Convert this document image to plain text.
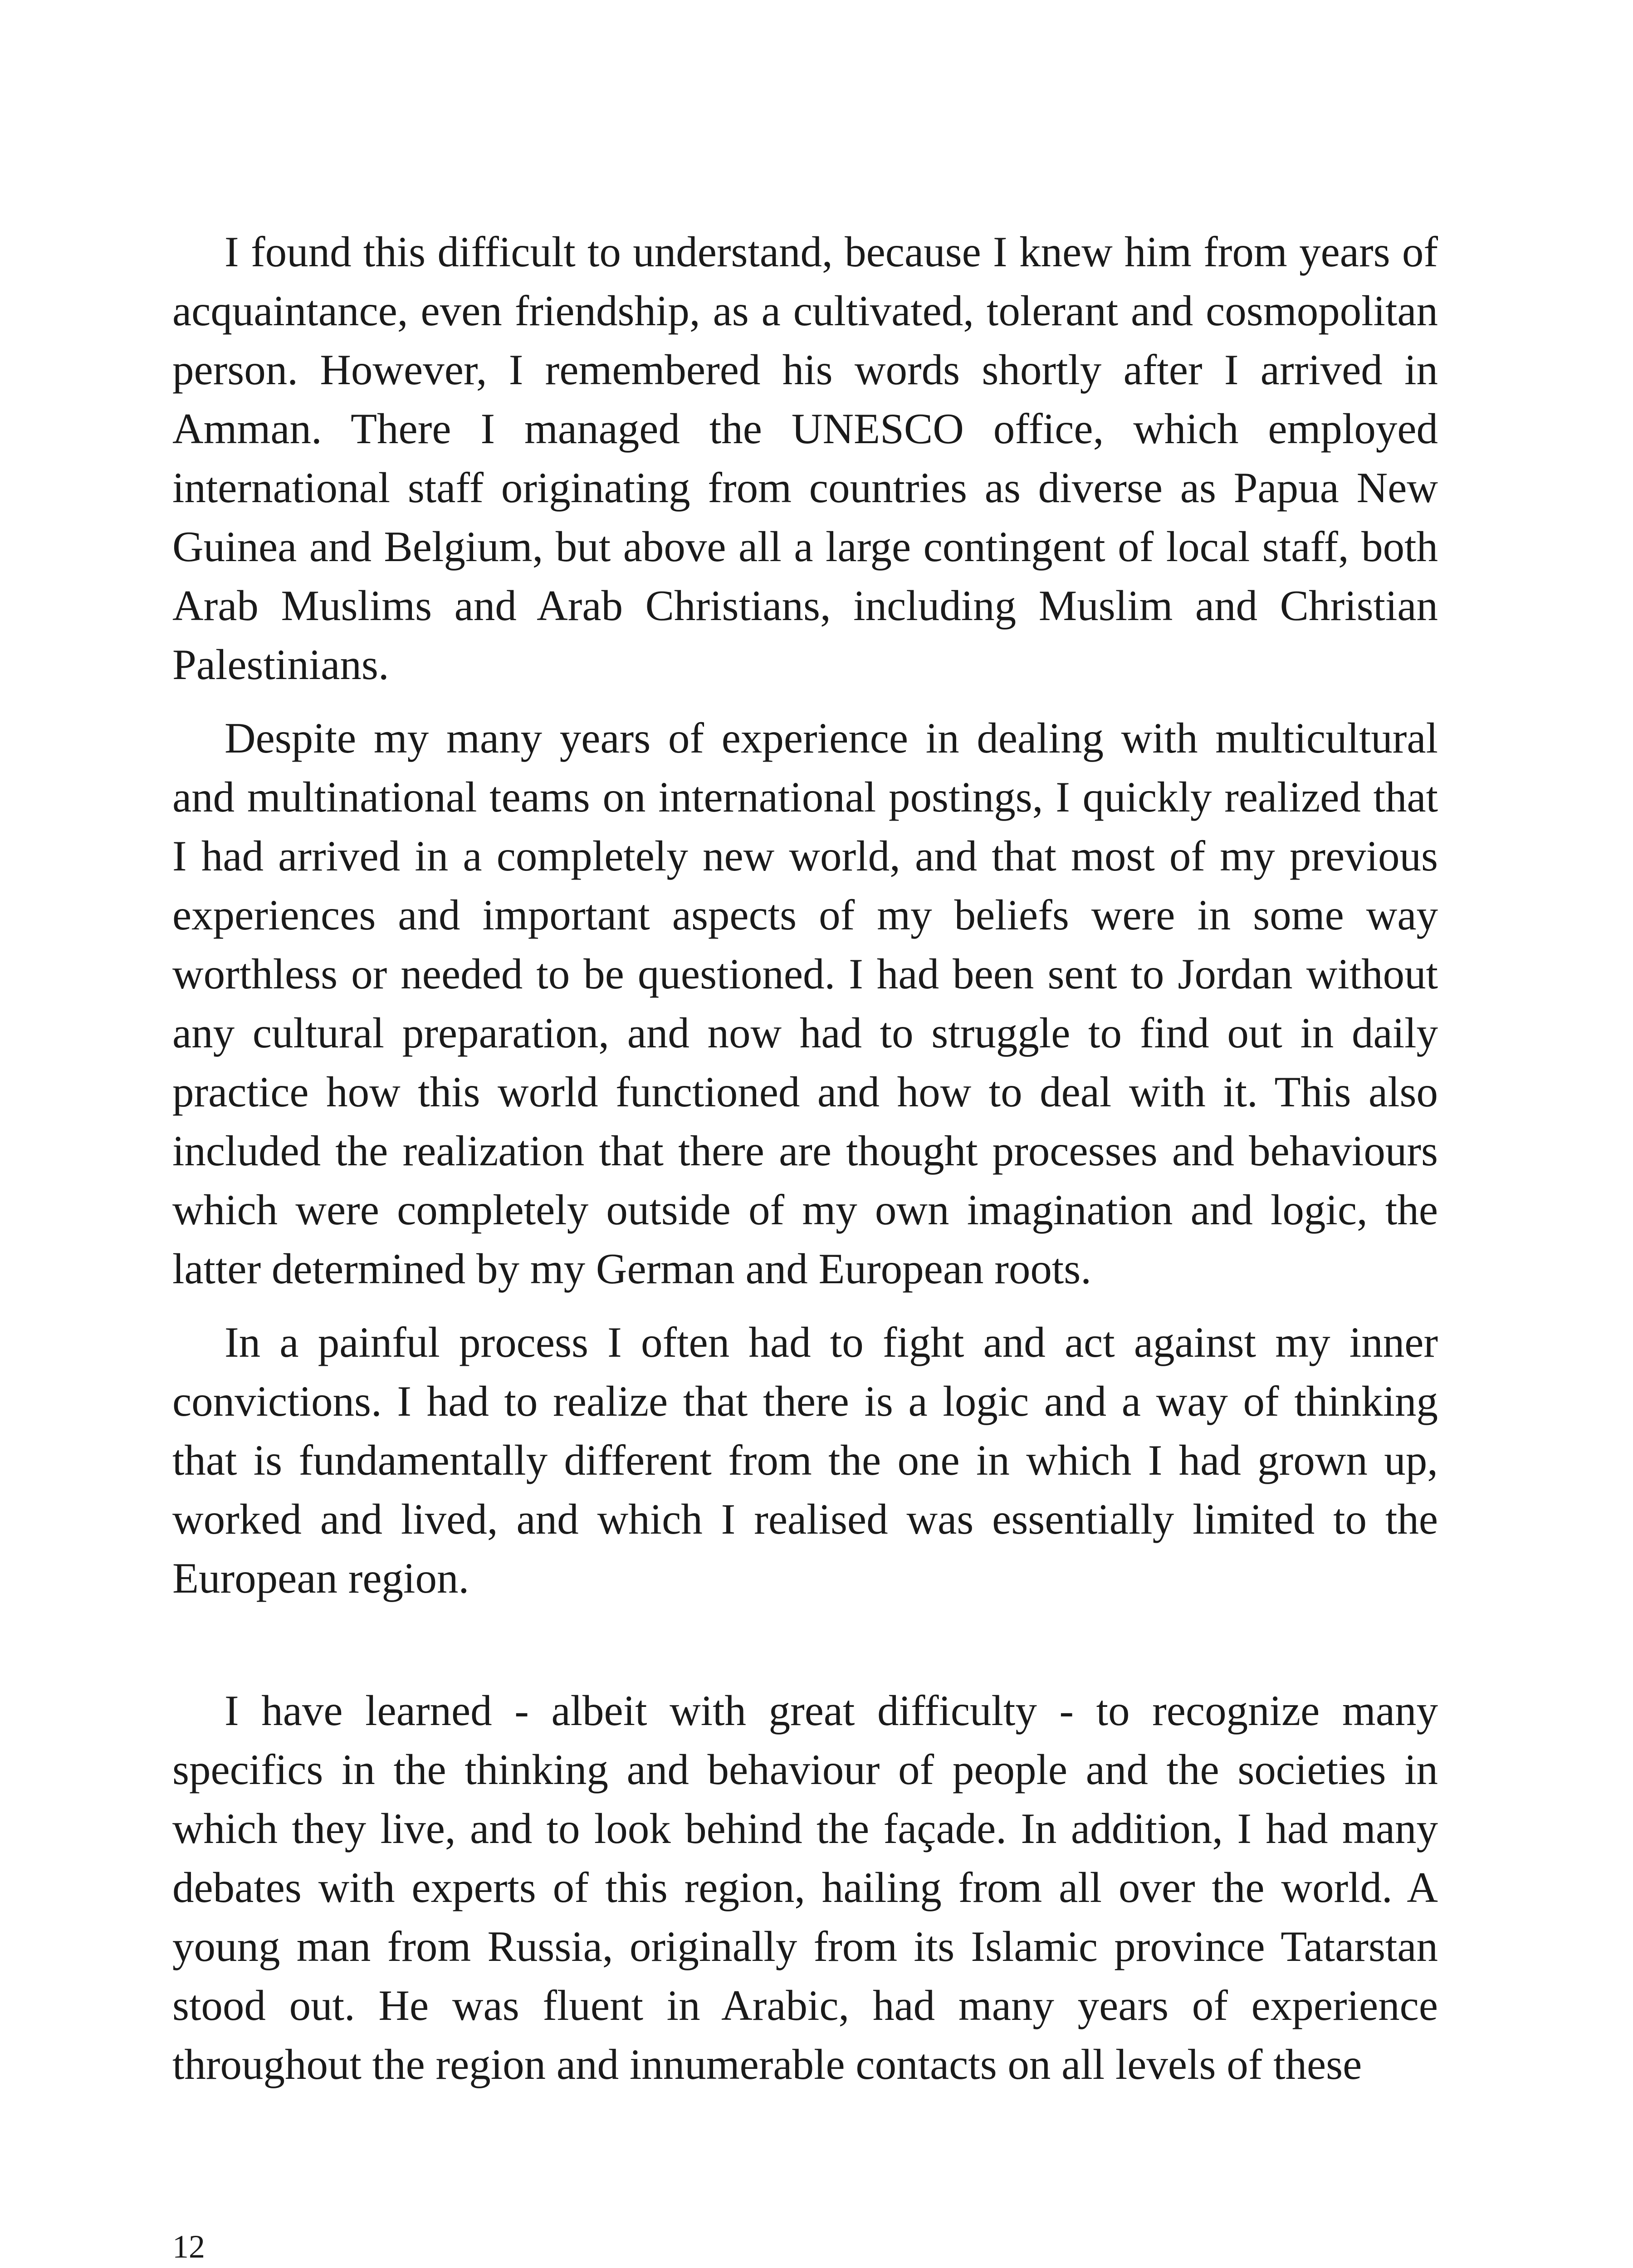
I found this difficult to understand, because I knew him from years of acquaintance, even friendship, as a cultivated, tolerant and cosmopolitan person. However, I remembered his words shortly after I arrived in Amman. There I managed the UNESCO office, which employed international staff originating from countries as diverse as Papua New Guinea and Belgium, but above all a large contingent of local staff, both Arab Muslims and Arab Christians, including Muslim and Christian Palestinians.

Despite my many years of experience in dealing with multicultural and multinational teams on international postings, I quickly realized that I had arrived in a completely new world, and that most of my previous experiences and important aspects of my beliefs were in some way worthless or needed to be questioned. I had been sent to Jordan without any cultural preparation, and now had to struggle to find out in daily practice how this world functioned and how to deal with it. This also included the realization that there are thought processes and behaviours which were completely outside of my own imagination and logic, the latter determined by my German and European roots.

In a painful process I often had to fight and act against my inner convictions. I had to realize that there is a logic and a way of thinking that is fundamentally different from the one in which I had grown up, worked and lived, and which I realised was essentially limited to the European region.

I have learned - albeit with great difficulty - to recognize many specifics in the thinking and behaviour of people and the societies in which they live, and to look behind the façade. In addition, I had many debates with experts of this region, hailing from all over the world. A young man from Russia, originally from its Islamic province Tatarstan stood out. He was fluent in Arabic, had many years of experience throughout the region and innumerable contacts on all levels of these

12
